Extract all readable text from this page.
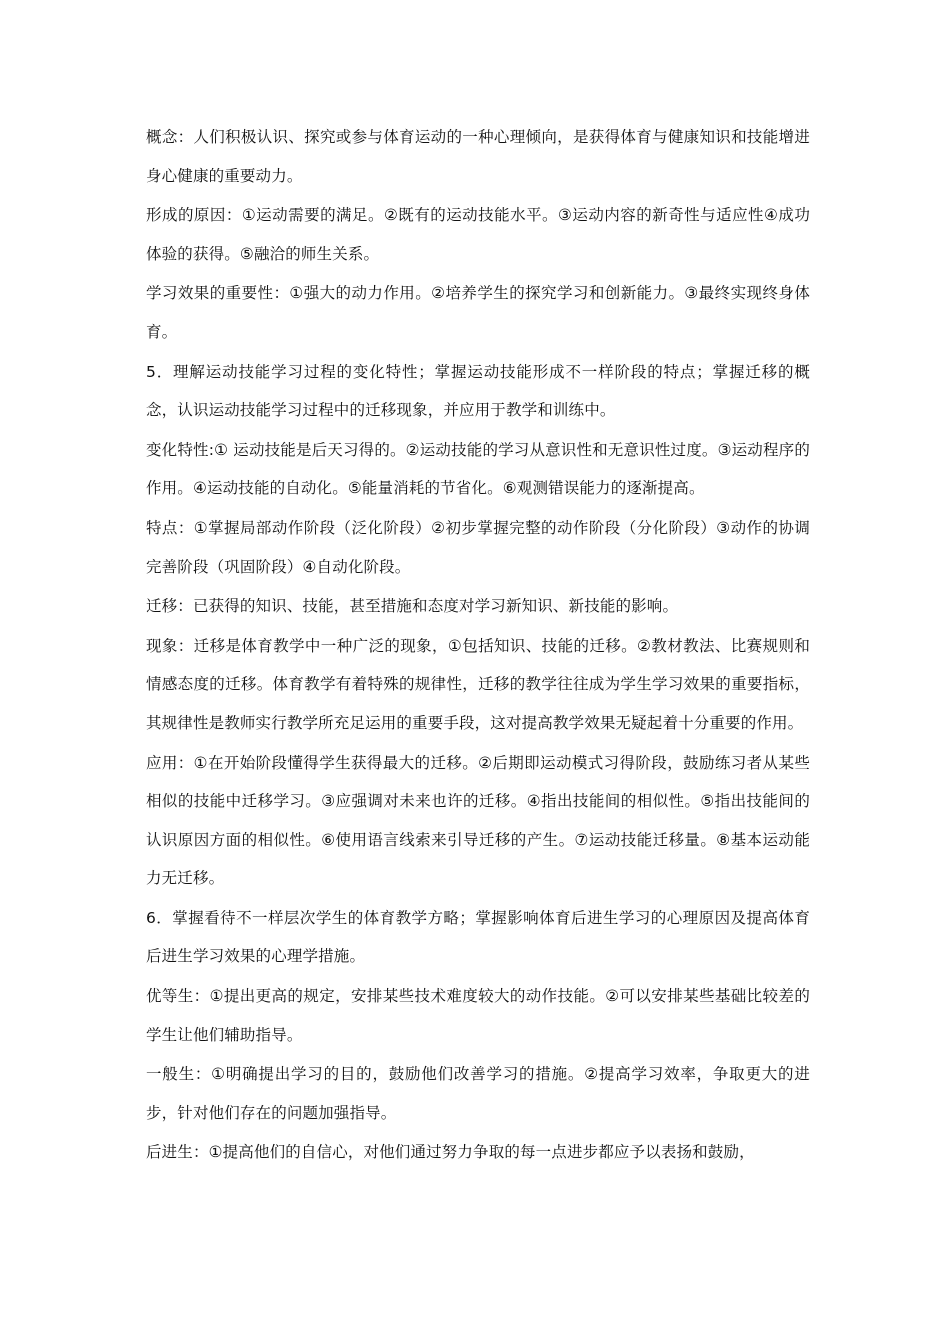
概念：人们积极认识、探究或参与体育运动的一种心理倾向，是获得体育与健康知识和技能增进身心健康的重要动力。

形成的原因：①运动需要的满足。②既有的运动技能水平。③运动内容的新奇性与适应性④成功体验的获得。⑤融洽的师生关系。

学习效果的重要性：①强大的动力作用。②培养学生的探究学习和创新能力。③最终实现终身体育。

5．理解运动技能学习过程的变化特性；掌握运动技能形成不一样阶段的特点；掌握迁移的概念，认识运动技能学习过程中的迁移现象，并应用于教学和训练中。

变化特性:① 运动技能是后天习得的。②运动技能的学习从意识性和无意识性过度。③运动程序的作用。④运动技能的自动化。⑤能量消耗的节省化。⑥观测错误能力的逐渐提高。

特点：①掌握局部动作阶段（泛化阶段）②初步掌握完整的动作阶段（分化阶段）③动作的协调完善阶段（巩固阶段）④自动化阶段。

迁移：已获得的知识、技能，甚至措施和态度对学习新知识、新技能的影响。

现象：迁移是体育教学中一种广泛的现象，①包括知识、技能的迁移。②教材教法、比赛规则和情感态度的迁移。体育教学有着特殊的规律性，迁移的教学往往成为学生学习效果的重要指标，其规律性是教师实行教学所充足运用的重要手段，这对提高教学效果无疑起着十分重要的作用。

应用：①在开始阶段懂得学生获得最大的迁移。②后期即运动模式习得阶段，鼓励练习者从某些相似的技能中迁移学习。③应强调对未来也许的迁移。④指出技能间的相似性。⑤指出技能间的认识原因方面的相似性。⑥使用语言线索来引导迁移的产生。⑦运动技能迁移量。⑧基本运动能力无迁移。

6．掌握看待不一样层次学生的体育教学方略；掌握影响体育后进生学习的心理原因及提高体育后进生学习效果的心理学措施。

优等生：①提出更高的规定，安排某些技术难度较大的动作技能。②可以安排某些基础比较差的学生让他们辅助指导。

一般生：①明确提出学习的目的，鼓励他们改善学习的措施。②提高学习效率，争取更大的进步，针对他们存在的问题加强指导。

后进生：①提高他们的自信心，对他们通过努力争取的每一点进步都应予以表扬和鼓励，
